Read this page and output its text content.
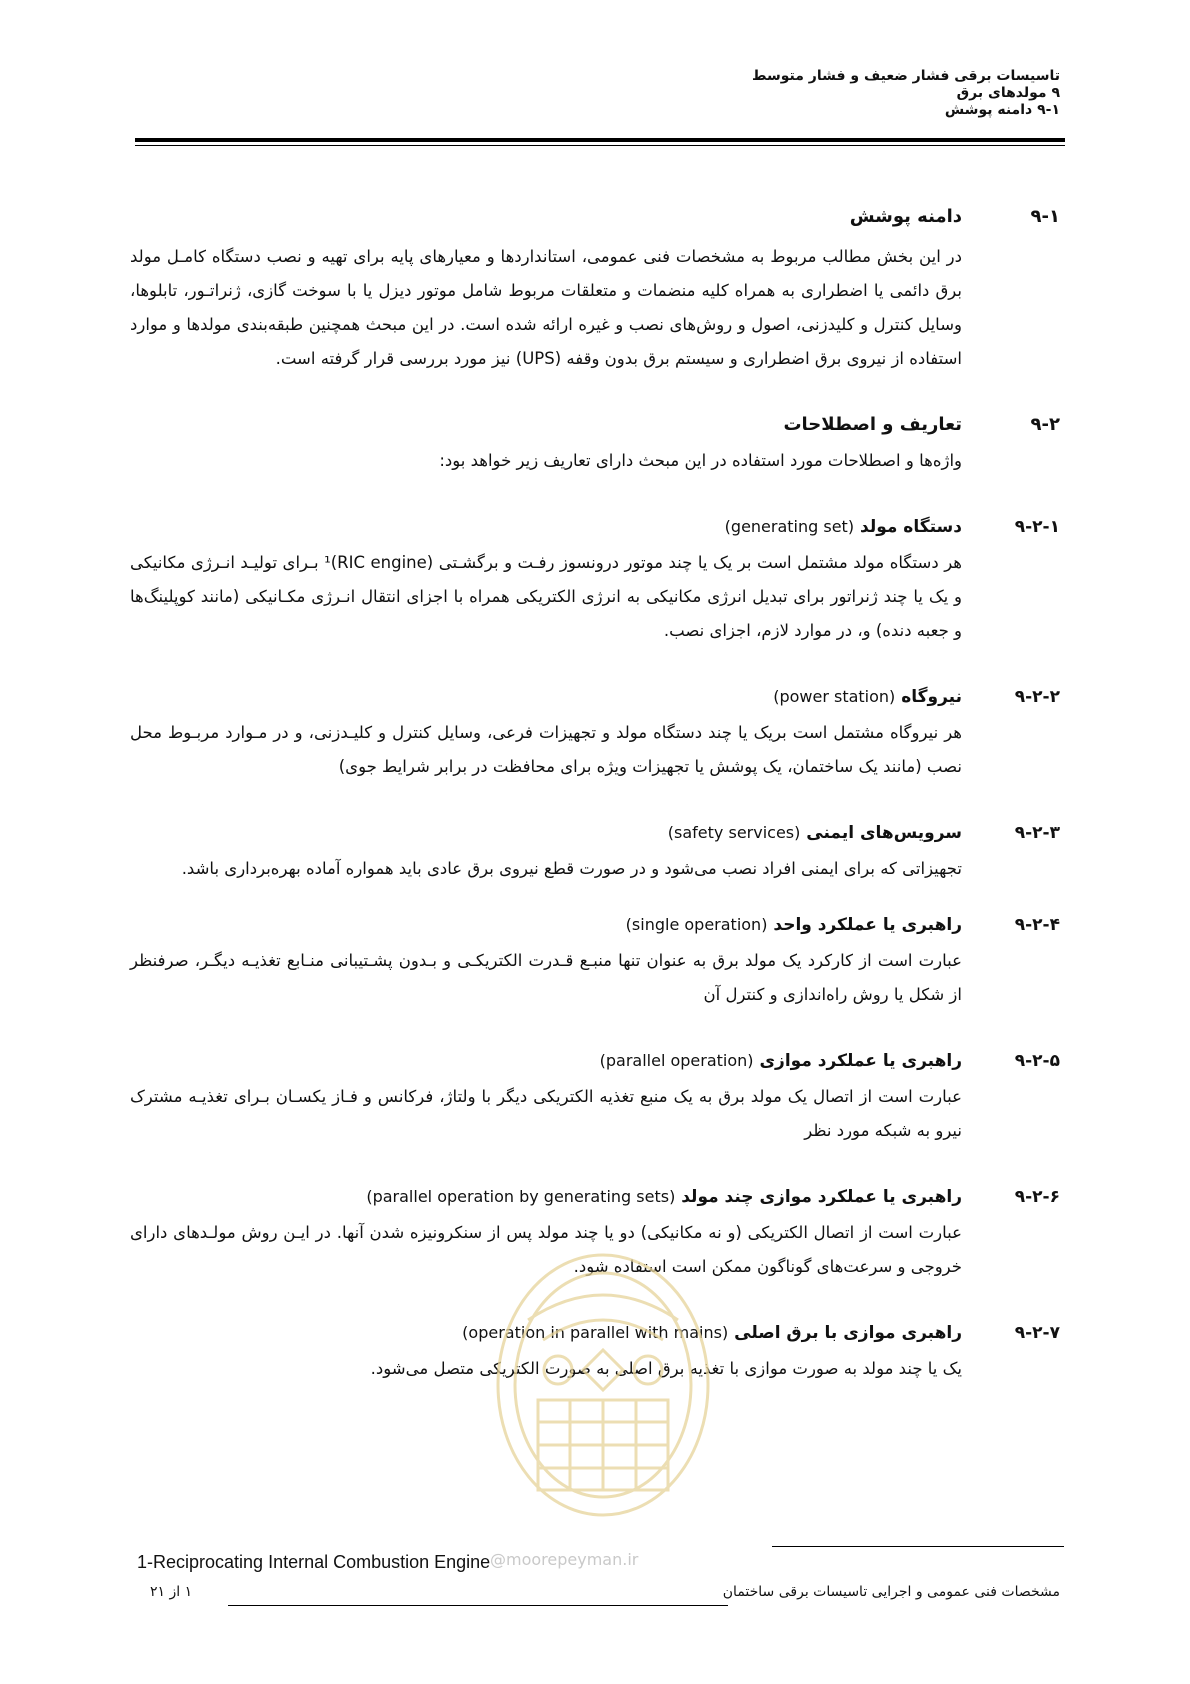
تاسیسات برقی فشار ضعیف و فشار متوسط
۹ مولدهای برق
۹-۱ دامنه پوشش
۹-۱
دامنه پوشش

در این بخش مطالب مربوط به مشخصات فنی عمومی، استانداردها و معیارهای پایه برای تهیه و نصب دستگاه کامـل مولد برق دائمی یا اضطراری به همراه کلیه منضمات و متعلقات مربوط شامل موتور دیزل یا با سوخت گازی، ژنراتـور، تابلوها، وسایل کنترل و کلیدزنی، اصول و روش‌های نصب و غیره ارائه شده است. در این مبحث همچنین طبقه‌بندی مولدها و موارد استفاده از نیروی برق اضطراری و سیستم برق بدون وقفه (UPS) نیز مورد بررسی قرار گرفته است.

۹-۲
تعاریف و اصطلاحات

واژه‌ها و اصطلاحات مورد استفاده در این مبحث دارای تعاریف زیر خواهد بود:

۹-۲-۱
دستگاه مولد (generating set)

هر دستگاه مولد مشتمل است بر یک یا چند موتور درونسوز رفـت و برگشـتی (RIC engine)¹ بـرای تولیـد انـرژی مکانیکی و یک یا چند ژنراتور برای تبدیل انرژی مکانیکی به انرژی الکتریکی همراه با اجزای انتقال انـرژی مکـانیکی (مانند کوپلینگ‌ها و جعبه دنده) و، در موارد لازم، اجزای نصب.

۹-۲-۲
نیروگاه (power station)

هر نیروگاه مشتمل است بریک یا چند دستگاه مولد و تجهیزات فرعی، وسایل کنترل و کلیـدزنی، و در مـوارد مربـوط محل نصب (مانند یک ساختمان، یک پوشش یا تجهیزات ویژه برای محافظت در برابر شرایط جوی)

۹-۲-۳
سرویس‌های ایمنی (safety services)

تجهیزاتی که برای ایمنی افراد نصب می‌شود و در صورت قطع نیروی برق عادی باید همواره آماده بهره‌برداری باشد.

۹-۲-۴
راهبری یا عملکرد واحد (single operation)

عبارت است از کارکرد یک مولد برق به عنوان تنها منبـع قـدرت الکتریکـی و بـدون پشـتیبانی منـابع تغذیـه دیگـر، صرفنظر از شکل یا روش راه‌اندازی و کنترل آن

۹-۲-۵
راهبری یا عملکرد موازی (parallel operation)

عبارت است از اتصال یک مولد برق به یک منبع تغذیه الکتریکی دیگر با ولتاژ، فرکانس و فـاز یکسـان بـرای تغذیـه مشترک نیرو به شبکه مورد نظر

۹-۲-۶
راهبری یا عملکرد موازی چند مولد (parallel operation by generating sets)

عبارت است از اتصال الکتریکی (و نه مکانیکی) دو یا چند مولد پس از سنکرونیزه شدن آنها. در ایـن روش مولـدهای دارای خروجی و سرعت‌های گوناگون ممکن است استفاده شود.

۹-۲-۷
راهبری موازی با برق اصلی (operation in parallel with mains)

یک یا چند مولد به صورت موازی با تغذیه برق اصلی به صورت الکتریکی متصل می‌شود.

@moorepeyman.ir
1-Reciprocating Internal Combustion Engine
مشخصات فنی عمومی و اجرایی تاسیسات برقی ساختمان
۱ از ۲۱
